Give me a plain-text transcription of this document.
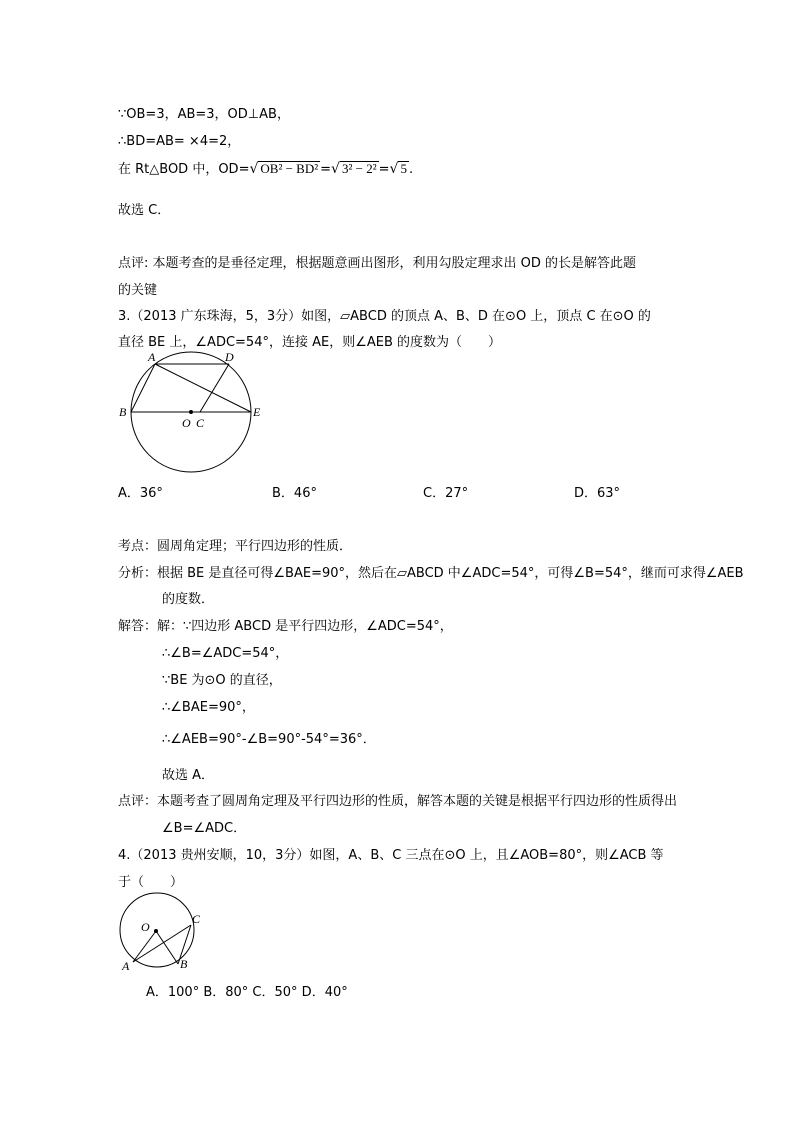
∵OB=3，AB=3，OD⊥AB，
∴BD=AB= ×4=2，
在 Rt△BOD 中，OD=√ OB² − BD² =√ 3² − 2² =√ 5 .
故选 C．
点评: 本题考查的是垂径定理，根据题意画出图形，利用勾股定理求出 OD 的长是解答此题
的关键
3.（2013 广东珠海，5，3分）如图，▱ABCD 的顶点 A、B、D 在⊙O 上，顶点 C 在⊙O 的
直径 BE 上，∠ADC=54°，连接 AE，则∠AEB 的度数为（　　）
A	D
B	E
O C
A．36°	B．46°	C．27°	D．63°
考点：圆周角定理；平行四边形的性质．
分析：根据 BE 是直径可得∠BAE=90°，然后在▱ABCD 中∠ADC=54°，可得∠B=54°，继而可求得∠AEB
的度数．
解答：解：∵四边形 ABCD 是平行四边形，∠ADC=54°，
∴∠B=∠ADC=54°，
∵BE 为⊙O 的直径，
∴∠BAE=90°，
∴∠AEB=90°-∠B=90°-54°=36°．
故选 A．
点评：本题考查了圆周角定理及平行四边形的性质，解答本题的关键是根据平行四边形的性质得出
∠B=∠ADC．
4.（2013 贵州安顺，10，3分）如图，A、B、C 三点在⊙O 上，且∠AOB=80°，则∠ACB 等
于（　　）
O
C
A	B
A．100° B．80° C．50° D．40°
